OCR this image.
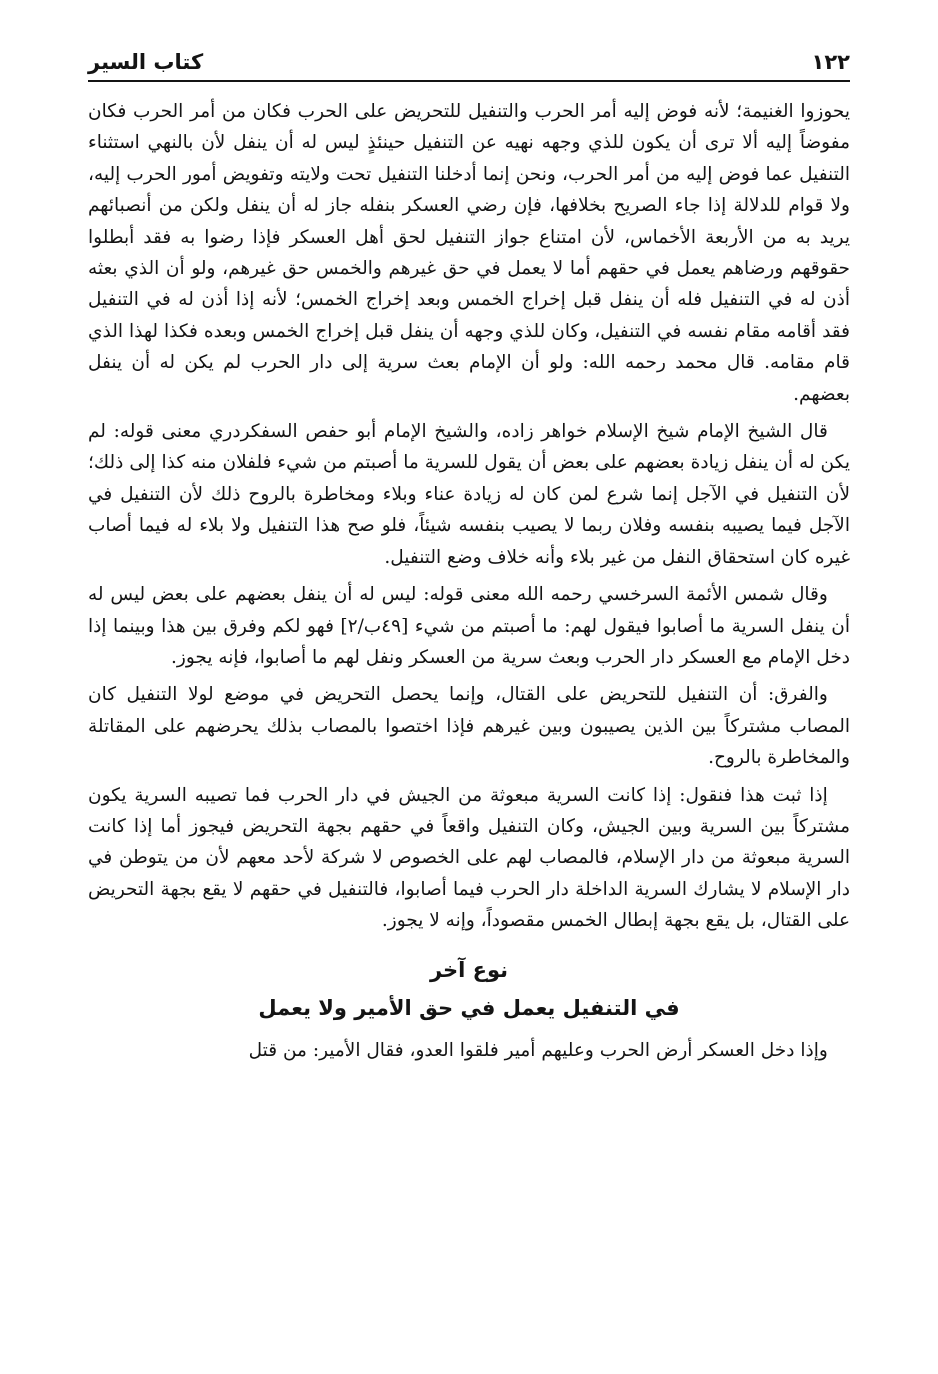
١٢٢
كتاب السير

يحوزوا الغنيمة؛ لأنه فوض إليه أمر الحرب والتنفيل للتحريض على الحرب فكان من أمر الحرب فكان مفوضاً إليه ألا ترى أن يكون للذي وجهه نهيه عن التنفيل حينئذٍ ليس له أن ينفل لأن بالنهي استثناء التنفيل عما فوض إليه من أمر الحرب، ونحن إنما أدخلنا التنفيل تحت ولايته وتفويض أمور الحرب إليه، ولا قوام للدلالة إذا جاء الصريح بخلافها، فإن رضي العسكر بنفله جاز له أن ينفل ولكن من أنصبائهم يريد به من الأربعة الأخماس، لأن امتناع جواز التنفيل لحق أهل العسكر فإذا رضوا به فقد أبطلوا حقوقهم ورضاهم يعمل في حقهم أما لا يعمل في حق غيرهم والخمس حق غيرهم، ولو أن الذي بعثه أذن له في التنفيل فله أن ينفل قبل إخراج الخمس وبعد إخراج الخمس؛ لأنه إذا أذن له في التنفيل فقد أقامه مقام نفسه في التنفيل، وكان للذي وجهه أن ينفل قبل إخراج الخمس وبعده فكذا لهذا الذي قام مقامه. قال محمد رحمه الله: ولو أن الإمام بعث سرية إلى دار الحرب لم يكن له أن ينفل بعضهم.

قال الشيخ الإمام شيخ الإسلام خواهر زاده، والشيخ الإمام أبو حفص السفكردري معنى قوله: لم يكن له أن ينفل زيادة بعضهم على بعض أن يقول للسرية ما أصبتم من شيء فلفلان منه كذا إلى ذلك؛ لأن التنفيل في الآجل إنما شرع لمن كان له زيادة عناء وبلاء ومخاطرة بالروح ذلك لأن التنفيل في الآجل فيما يصيبه بنفسه وفلان ربما لا يصيب بنفسه شيئاً، فلو صح هذا التنفيل ولا بلاء له فيما أصاب غيره كان استحقاق النفل من غير بلاء وأنه خلاف وضع التنفيل.

وقال شمس الأئمة السرخسي رحمه الله معنى قوله: ليس له أن ينفل بعضهم على بعض ليس له أن ينفل السرية ما أصابوا فيقول لهم: ما أصبتم من شيء [٤٩ب/٢] فهو لكم وفرق بين هذا وبينما إذا دخل الإمام مع العسكر دار الحرب وبعث سرية من العسكر ونفل لهم ما أصابوا، فإنه يجوز.

والفرق: أن التنفيل للتحريض على القتال، وإنما يحصل التحريض في موضع لولا التنفيل كان المصاب مشتركاً بين الذين يصيبون وبين غيرهم فإذا اختصوا بالمصاب بذلك يحرضهم على المقاتلة والمخاطرة بالروح.

إذا ثبت هذا فنقول: إذا كانت السرية مبعوثة من الجيش في دار الحرب فما تصيبه السرية يكون مشتركاً بين السرية وبين الجيش، وكان التنفيل واقعاً في حقهم بجهة التحريض فيجوز أما إذا كانت السرية مبعوثة من دار الإسلام، فالمصاب لهم على الخصوص لا شركة لأحد معهم لأن من يتوطن في دار الإسلام لا يشارك السرية الداخلة دار الحرب فيما أصابوا، فالتنفيل في حقهم لا يقع بجهة التحريض على القتال، بل يقع بجهة إبطال الخمس مقصوداً، وإنه لا يجوز.

نوع آخر
في التنفيل يعمل في حق الأمير ولا يعمل

وإذا دخل العسكر أرض الحرب وعليهم أمير فلقوا العدو، فقال الأمير: من قتل
